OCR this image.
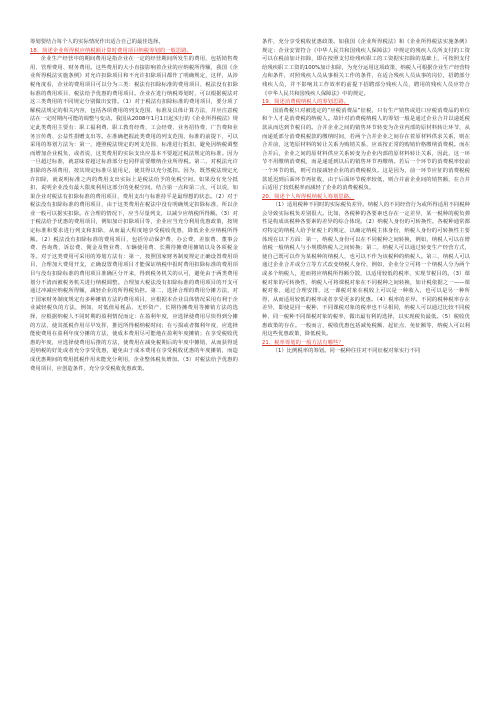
筹划要结合每个人的实际情况作出适合自己的最佳选择。

18、简述企业所得税应纳税额计算时费用项目纳税筹划的一般思路。

企业生产经营中的期间费用是指企业在一定的经营期间所发生的费用，包括销售费用、管理费用、财务费用。这些费用的大小直接影响着企业的应纳税所得额，我国《企业所得税法实施条例》对允许扣除项目和不允许扣除项目都作了明确规定，这样，从涉税角度看，企业的费用项目可以分为三类：税法有扣除标准的费用项目、税法没有扣除标准的费用项目、税法给予优惠的费用项目。企业在进行纳税筹划时，可以根据税法对这三类费用的不同规定分别做出安排。（1）对于税法有扣除标准的费用项目，要分项了解税法规定的相关内容，包括各项费用的列支范围、标准及具体计算方法，并应注意税法在一定时期内可能的调整与变动。我国从2008年1月1日起实行的《企业所得税法》规定此类费用主要有：职工福利费、职工教育经费、工会经费、业务招待费、广告费和业务宣传费、公益性捐赠支出等。在准确把握此类费用的列支范围、标准的前提下，可以采用的筹划方法为：第一，遵照税法规定的列支范围、标准进行抵扣，避免因纳税调整而增加企业税负，或者说，这类费用的实际支出应基本不要超过税法规定的标准。因为一旦超过标准，就意味着超过标准部分也同样需要缴纳企业所得税。第二，对税法允许扣除的各项费用，按其规定标准尽量用足，使其得以充分抵扣。因为，既然税法规定允许扣除，就说明标准之内的费用支出实际上是税法给予的免税空间，如果没有充分抵扣，说明企业没有最大限度利用这部分的免税空间。结合第一点和第二点，可以说，如果企业对税法有扣除标准的费用项目，费用支出与标准持平是最理想的状态。（2）对于税法没有扣除标准的费用项目，由于这类费用在税法中没有明确规定扣除标准，所以企业一般可以据实扣除。在合理的情况下，应当尽量列支，以减少应纳税所得额。（3）对于税法给予优惠的费用项目，例如加计扣除项目等，企业应当充分利用优惠政策，按规定标准和要求进行列支和扣除，从而最大程度地享受税收优惠，降低企业应纳税所得额。（2）税法没有扣除标准的费用项目，包括劳动保护费、办公费、差旅费、董事会费、咨询费、诉讼费、佣金及物业费、车辆使用费、长期待摊费用摊销以及各项税金等。对于这类费用可采用的筹划方法有：第一，按照国家财务制度规定正确设置费用项目，合理加大费用开支，正确设置费用项目才能保证纳税申报时费用扣除标准的费用项目与没有扣除标准的费用项目准确区分开来，得到税务机关的认可，避免由于两类费用划分不清而被税务机关进行纳税调整。合理加大税法没有扣除标准的费用项目的开支可通过冲减应纳税所得额，减轻企业的所得税负担。第二，选择合理的费用分摊方法，对于国家财务制度规定有多种摊销方法的费用项目，应根据本企业具体情况采用有利于企业减轻税负的方法，例如，对低值易耗品、无形资产、长期待摊费用等摊销方法的选择，应根据纳税人不同时期的盈利情况而定：在盈利年度，应选择使费用尽快得到分摊的方法，使其抵税作用尽早发挥，推迟所得税纳税时间；在亏损或者微利年度，应选择能使费用在盈利年度分摊的方法，使成本费用尽可能地在盈利年度摊销；在享受税收优惠的年度，应选择使费用后推的方法，使费用在减免税期后的年度中摊销，从而获得延迟纳税的好处或者充分享受优惠，避免由于成本费用在享受税收优惠的年度摊销，而造成优惠期间的费用抵税作用未能充分利用，企业整体税负增加。（3）对税法给予优惠的费用项目，应创造条件，充分享受税收优惠政策。

条件，充分享受税收优惠政策。如我国《企业所得税法》和《企业所得税法实施条例》规定：企业安置符合《中华人民共和国残疾人保障法》中规定的残疾人员所支付的工资可以在税前加计扣除，即在按照支付给残疾职工的工资据实扣除的基础上，可按照支付给残疾职工工资的100%加计扣除，为充分运用这项政策，纳税人可根据企业生产经营特点和条件，对照残疾人员从事相关工作的条件，在适合残疾人员从事的岗位，招聘部分残疾人员，并不影响其工作效率的前提下招聘部分残疾人员，聘用的残疾人员应符合《中华人民共和国残疾人保障法》中的规定。

19、简述消费税纳税人的筹划思路。

国消费税只对被选定的“应税消费品”征税，只有生产销售或进口应税消费品的单位和个人才是消费税的纳税人。故针对消费税纳税人的筹划一般是通过企业合并以递延税款从而达到节税目的。合并企业之间的销售环节转变为企业内部的原材料转让环节，从而递延部分消费税税款的缴纳时间，若两个合并企业之间存在着原材料供求关系，则在合并前，这笔原材料的转让关系为购销关系，应该按正常的购销价格缴纳消费税。而在合并后，企业之间的原材料供应关系转变为企业内部的原材料转让关系，因此，这一环节不用缴纳消费税，而是递延到以后的销售环节再缴纳。若后一个环节的消费税率较前一个环节的低，则可直接减轻企业的消费税税负。这是因为，前一环节应征的消费税税款延迟到后面环节再征收，由于后面环节税率较低，则合并前企业间的销售额，在合并后适用了较低税率而减轻了企业的消费税税负。

20、简述个人所得税纳税人筹划思路。

（1）适用税种不同时的实际税负差异。纳税人的不同经营行为或所得适用不同税种会导致实际税负差别很大。比如，各税种的各要素也存在一定差异，某一税种的税负弹性是构成该税种各要素的差异的综合体现。（2）纳税人身份的可转换性。各税种通常都对特定的纳税人给予征税上的规定，以确定纳税主体身份，纳税人身份的可转换性主要体现在以下方面：第一，纳税人身份可以在不同税种之间转换，例如，纳税人可以在增值税一般纳税人与小规模纳税人之间转换；第二，纳税人可以通过转变生产经营方式，使自己既可以作为某税种的纳税人，也可以不作为该税种的纳税人。第三，纳税人可以通过企业合并或分立等方式改变纳税人身份，例如，企业分立可将一个纳税人分为两个或多个纳税人，进而将应纳税所得额分散，以适用较低的税率，实现节税目的。（3）课税对象的可转换性，纳税人可将课税对象在不同税种之间转换，如计税依据之一——课税对象，通过合理安排，这一课税对象在税收上可以是一种收入，也可以是另一种所得，从而适用较低的税率或者享受更多的优惠。（4）税率的差异。不同的税种税率存在差异，即使是同一税种，不同课税对象的税率也不尽相同，纳税人可以通过比较不同税种、同一税种不同课税对象的税率，做出最有利的选择，以实现税负最低。（5）税收优惠政策的存在。一般而言，税收优惠包括减免税额、起征点、免征额等，纳税人可以利用这些优惠政策，降低税负。

21、税率筹划的一般方法有哪些？

（1）比例税率的筹划。同一税种往往对不同征税对象实行不同
